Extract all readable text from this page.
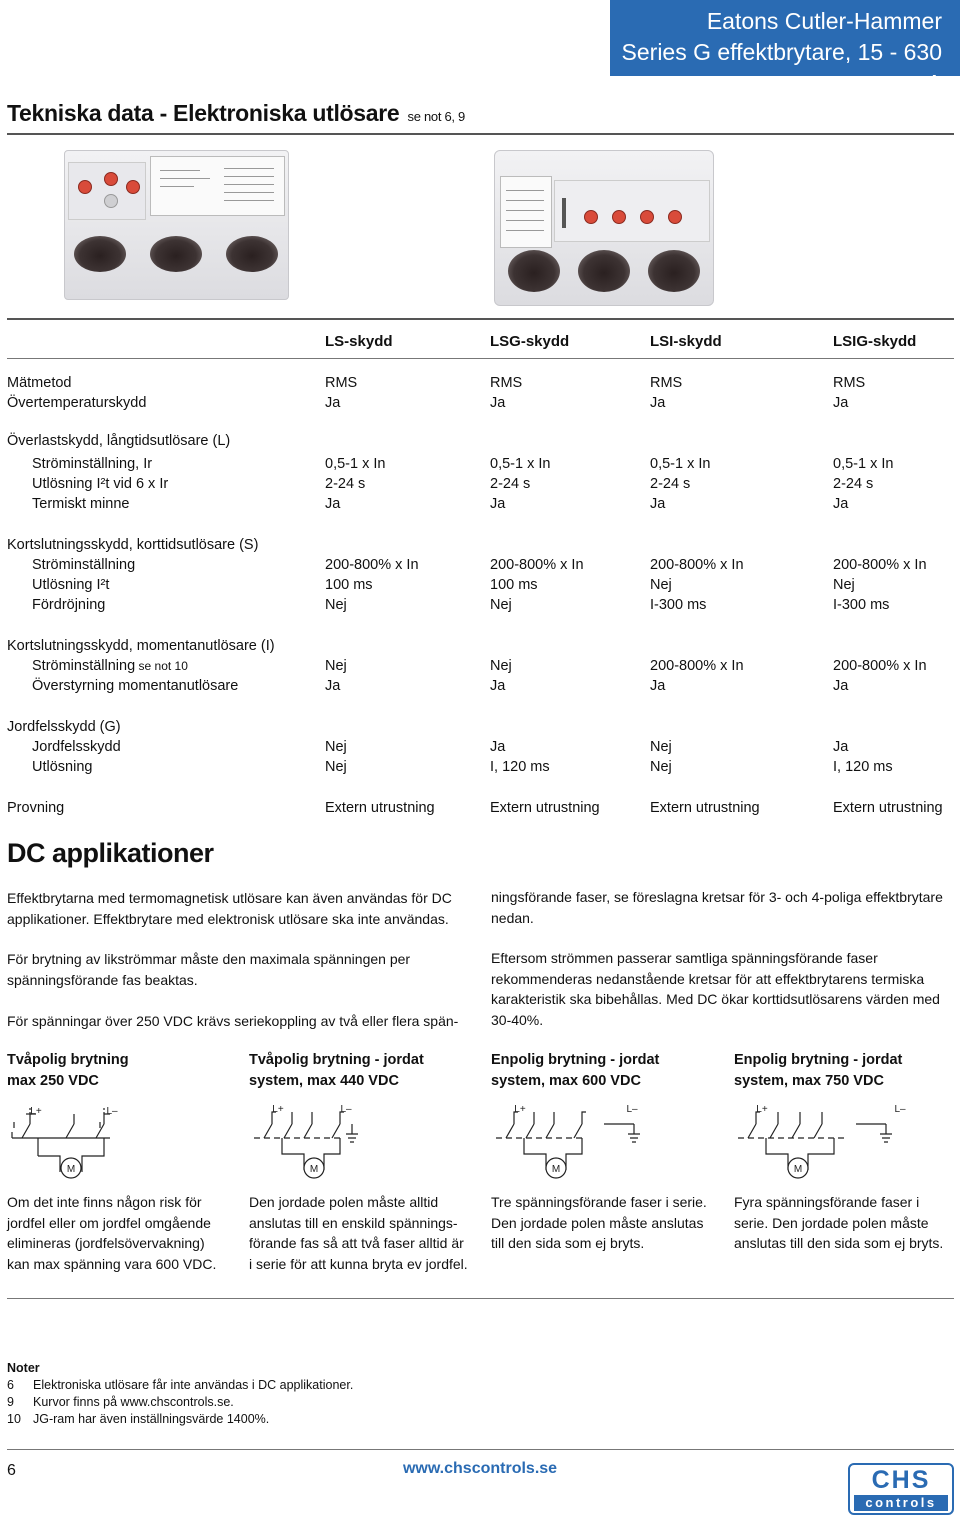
Eatons Cutler-Hammer
Series G effektbrytare, 15 - 630 A
Tekniska data - Elektroniska utlösare se not 6, 9
LS-skydd	LSG-skydd	LSI-skydd	LSIG-skydd
Mätmetod	RMS	RMS	RMS	RMS
Övertemperaturskydd	Ja	Ja	Ja	Ja
Överlastskydd, långtidsutlösare (L)
Ströminställning, Ir	0,5-1 x In	0,5-1 x In	0,5-1 x In	0,5-1 x In
Utlösning I²t vid 6 x Ir	2-24 s	2-24 s	2-24 s	2-24 s
Termiskt minne	Ja	Ja	Ja	Ja
Kortslutningsskydd, korttidsutlösare (S)
Ströminställning	200-800% x In	200-800% x In	200-800% x In	200-800% x In
Utlösning I²t	100 ms	100 ms	Nej	Nej
Fördröjning	Nej	Nej	I-300 ms	I-300 ms
Kortslutningsskydd, momentanutlösare (I)
Ströminställning se not 10	Nej	Nej	200-800% x In	200-800% x In
Överstyrning momentanutlösare	Ja	Ja	Ja	Ja
Jordfelsskydd (G)
Jordfelsskydd	Nej	Ja	Nej	Ja
Utlösning	Nej	I, 120 ms	Nej	I, 120 ms
Provning	Extern utrustning	Extern utrustning	Extern utrustning	Extern utrustning
DC applikationer
Effektbrytarna med termomagnetisk utlösare kan även användas för DC applikationer. Effektbrytare med elektronisk utlösare ska inte användas.
För brytning av likströmmar måste den maximala spänningen per spänningsförande fas beaktas.
För spänningar över 250 VDC krävs seriekoppling av två eller flera spän-
ningsförande faser, se föreslagna kretsar för 3- och 4-poliga effektbrytare nedan.
Eftersom strömmen passerar samtliga spänningsförande faser rekommenderas nedanstående kretsar för att effektbrytarens termiska karakteristik ska bibehållas. Med DC ökar korttidsutlösarens värden med 30-40%.
Tvåpolig brytning
max 250 VDC
Tvåpolig brytning - jordat
system, max 440 VDC
Enpolig brytning - jordat
system, max 600 VDC
Enpolig brytning - jordat
system, max 750 VDC
M	M	M	M
L+	L–	L+	L–	L+	L–	L+	L–
Om det inte finns någon risk för
jordfel eller om jordfel omgående
elimineras (jordfelsövervakning)
kan max spänning vara 600 VDC.
Den jordade polen måste alltid
anslutas till en enskild spännings-
förande fas så att två faser alltid är
i serie för att kunna bryta ev jordfel.
Tre spänningsförande faser i serie.
Den jordade polen måste anslutas
till den sida som ej bryts.
Fyra spänningsförande faser i
serie. Den jordade polen måste
anslutas till den sida som ej bryts.
Noter
6 Elektroniska utlösare får inte användas i DC applikationer.
9 Kurvor finns på www.chscontrols.se.
10 JG-ram har även inställningsvärde 1400%.
6	www.chscontrols.se	CHS
controls
